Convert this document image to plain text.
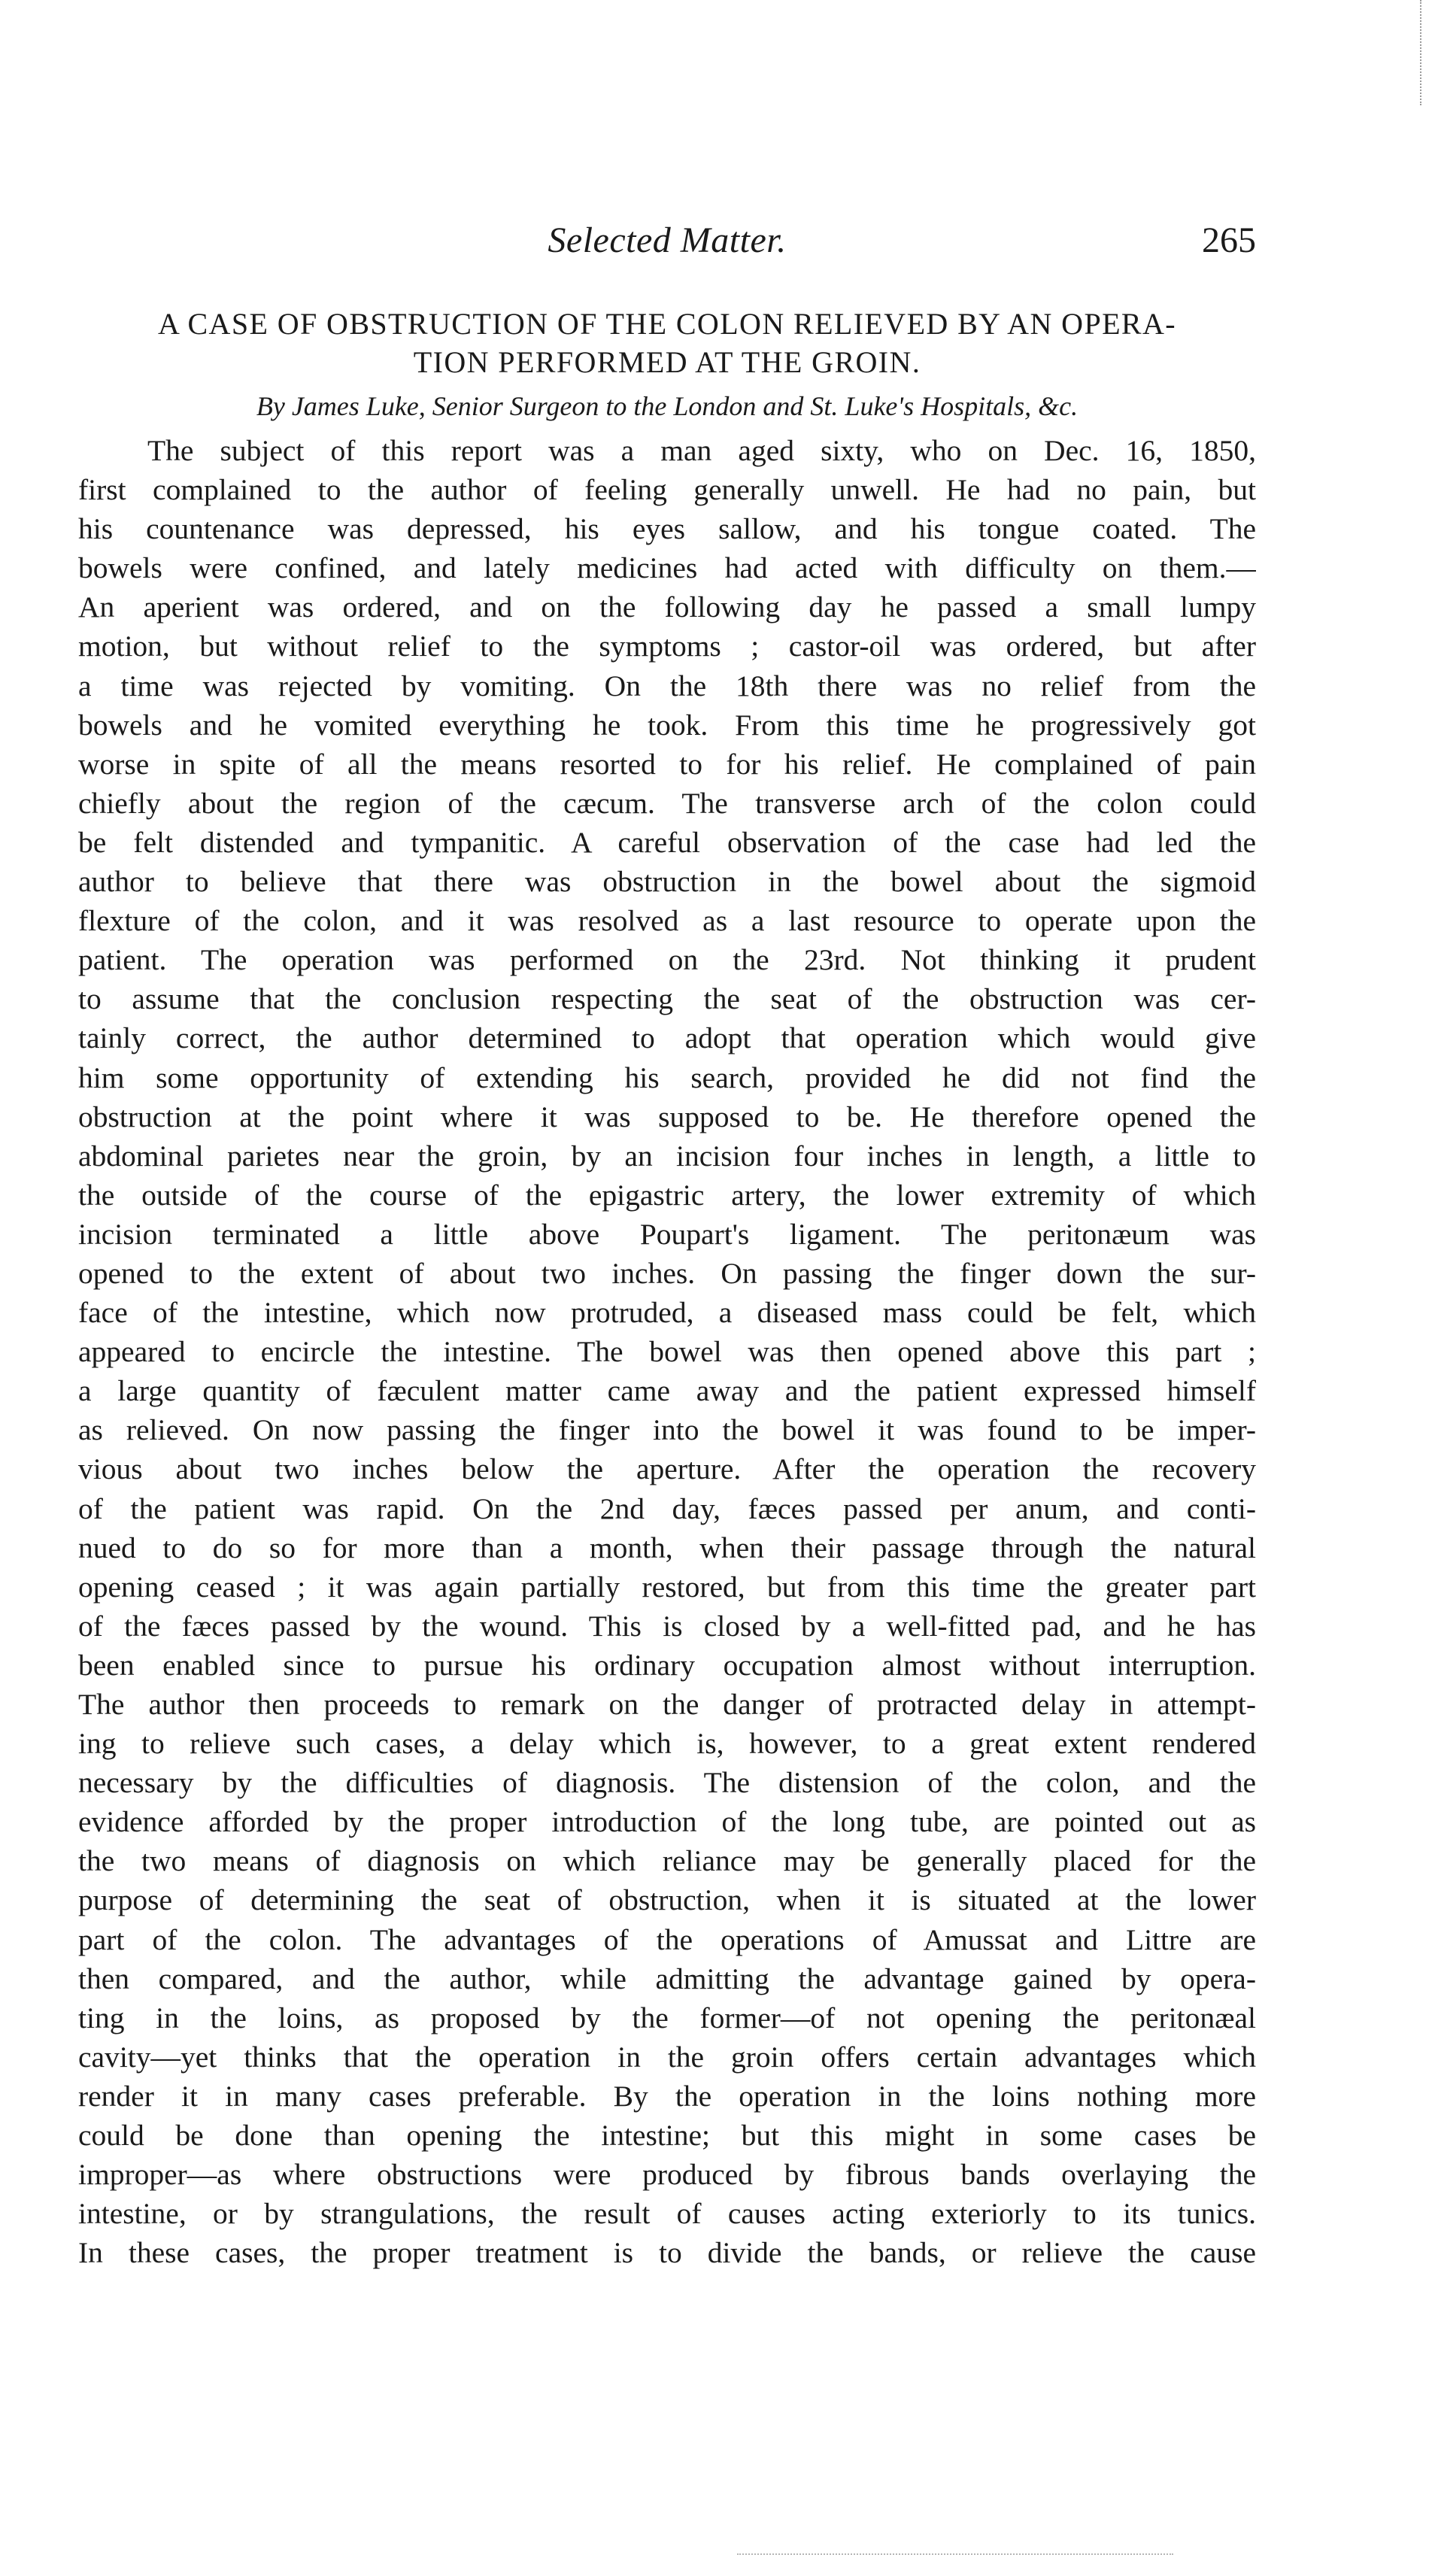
Selected Matter.	265
A CASE OF OBSTRUCTION OF THE COLON RELIEVED BY AN OPERA-
TION PERFORMED AT THE GROIN.
By James Luke, Senior Surgeon to the London and St. Luke's Hospitals, &c.
The subject of this report was a man aged sixty, who on Dec. 16, 1850,
first complained to the author of feeling generally unwell. He had no pain, but
his countenance was depressed, his eyes sallow, and his tongue coated. The
bowels were confined, and lately medicines had acted with difficulty on them.—
An aperient was ordered, and on the following day he passed a small lumpy
motion, but without relief to the symptoms ; castor-oil was ordered, but after
a time was rejected by vomiting. On the 18th there was no relief from the
bowels and he vomited everything he took. From this time he progressively got
worse in spite of all the means resorted to for his relief. He complained of pain
chiefly about the region of the cæcum. The transverse arch of the colon could
be felt distended and tympanitic. A careful observation of the case had led the
author to believe that there was obstruction in the bowel about the sigmoid
flexture of the colon, and it was resolved as a last resource to operate upon the
patient. The operation was performed on the 23rd. Not thinking it prudent
to assume that the conclusion respecting the seat of the obstruction was cer-
tainly correct, the author determined to adopt that operation which would give
him some opportunity of extending his search, provided he did not find the
obstruction at the point where it was supposed to be. He therefore opened the
abdominal parietes near the groin, by an incision four inches in length, a little to
the outside of the course of the epigastric artery, the lower extremity of which
incision terminated a little above Poupart's ligament. The peritonæum was
opened to the extent of about two inches. On passing the finger down the sur-
face of the intestine, which now protruded, a diseased mass could be felt, which
appeared to encircle the intestine. The bowel was then opened above this part ;
a large quantity of fæculent matter came away and the patient expressed himself
as relieved. On now passing the finger into the bowel it was found to be imper-
vious about two inches below the aperture. After the operation the recovery
of the patient was rapid. On the 2nd day, fæces passed per anum, and conti-
nued to do so for more than a month, when their passage through the natural
opening ceased ; it was again partially restored, but from this time the greater part
of the fæces passed by the wound. This is closed by a well-fitted pad, and he has
been enabled since to pursue his ordinary occupation almost without interruption.
The author then proceeds to remark on the danger of protracted delay in attempt-
ing to relieve such cases, a delay which is, however, to a great extent rendered
necessary by the difficulties of diagnosis. The distension of the colon, and the
evidence afforded by the proper introduction of the long tube, are pointed out as
the two means of diagnosis on which reliance may be generally placed for the
purpose of determining the seat of obstruction, when it is situated at the lower
part of the colon. The advantages of the operations of Amussat and Littre are
then compared, and the author, while admitting the advantage gained by opera-
ting in the loins, as proposed by the former—of not opening the peritonæal
cavity—yet thinks that the operation in the groin offers certain advantages which
render it in many cases preferable. By the operation in the loins nothing more
could be done than opening the intestine; but this might in some cases be
improper—as where obstructions were produced by fibrous bands overlaying the
intestine, or by strangulations, the result of causes acting exteriorly to its tunics.
In these cases, the proper treatment is to divide the bands, or relieve the cause
